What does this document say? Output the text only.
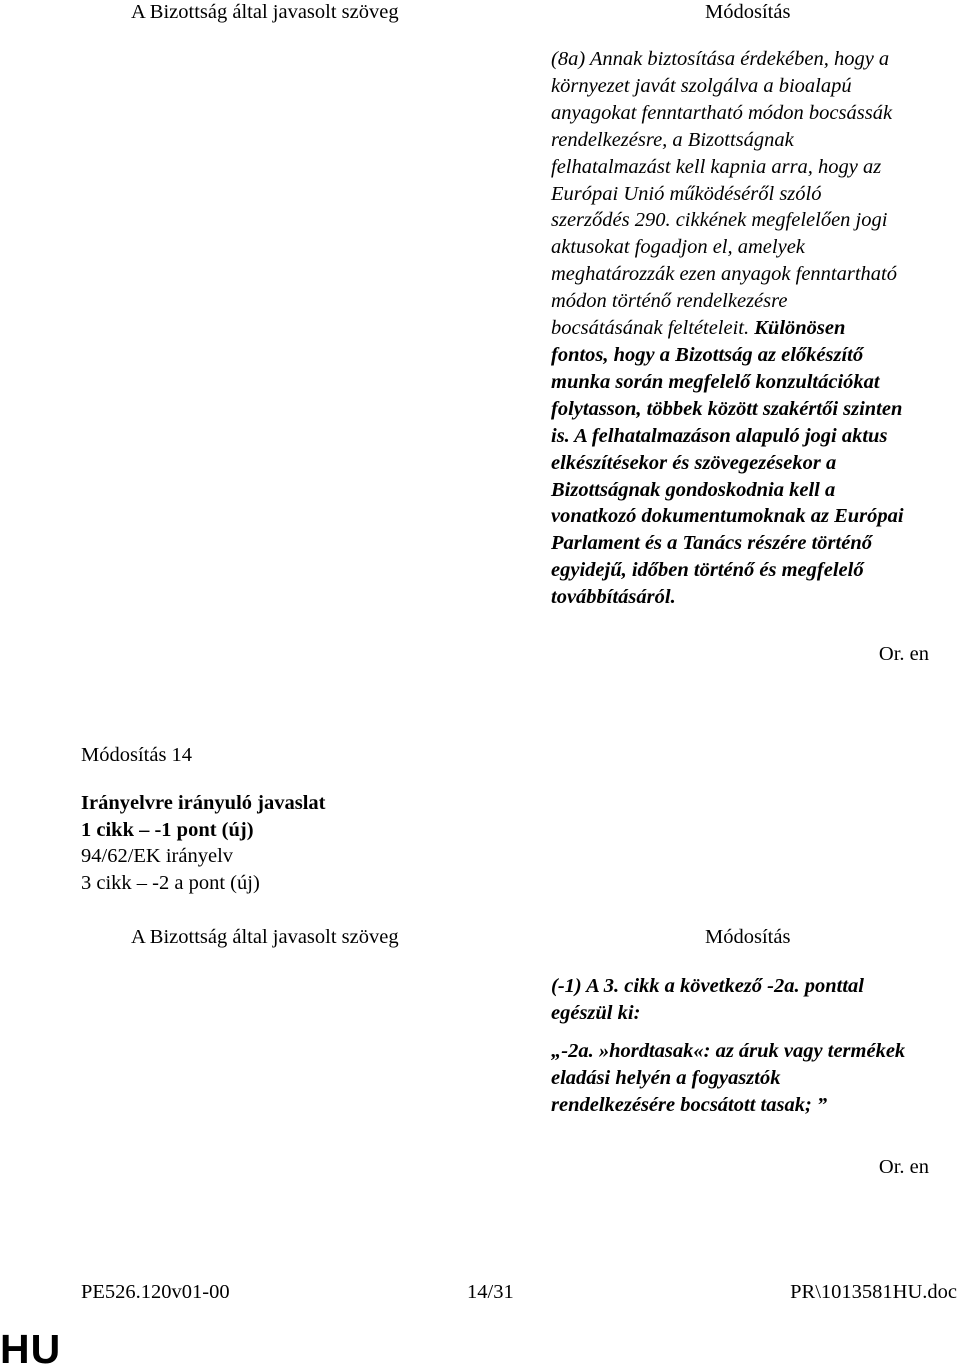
A Bizottság által javasolt szöveg	Módosítás
(8a) Annak biztosítása érdekében, hogy a
környezet javát szolgálva a bioalapú
anyagokat fenntartható módon bocsássák
rendelkezésre, a Bizottságnak
felhatalmazást kell kapnia arra, hogy az
Európai Unió működéséről szóló
szerződés 290. cikkének megfelelően jogi
aktusokat fogadjon el, amelyek
meghatározzák ezen anyagok fenntartható
módon történő rendelkezésre
bocsátásának feltételeit. Különösen
fontos, hogy a Bizottság az előkészítő
munka során megfelelő konzultációkat
folytasson, többek között szakértői szinten
is. A felhatalmazáson alapuló jogi aktus
elkészítésekor és szövegezésekor a
Bizottságnak gondoskodnia kell a
vonatkozó dokumentumoknak az Európai
Parlament és a Tanács részére történő
egyidejű, időben történő és megfelelő
továbbításáról.
Or. en
Módosítás 14
Irányelvre irányuló javaslat
1 cikk – -1 pont (új)
94/62/EK irányelv
3 cikk – -2 a pont (új)
A Bizottság által javasolt szöveg	Módosítás
(-1) A 3. cikk a következő -2a. ponttal
egészül ki:
„-2a. »hordtasak«: az áruk vagy termékek
eladási helyén a fogyasztók
rendelkezésére bocsátott tasak; ”
Or. en
PE526.120v01-00	14/31	PR\1013581HU.doc
HU
